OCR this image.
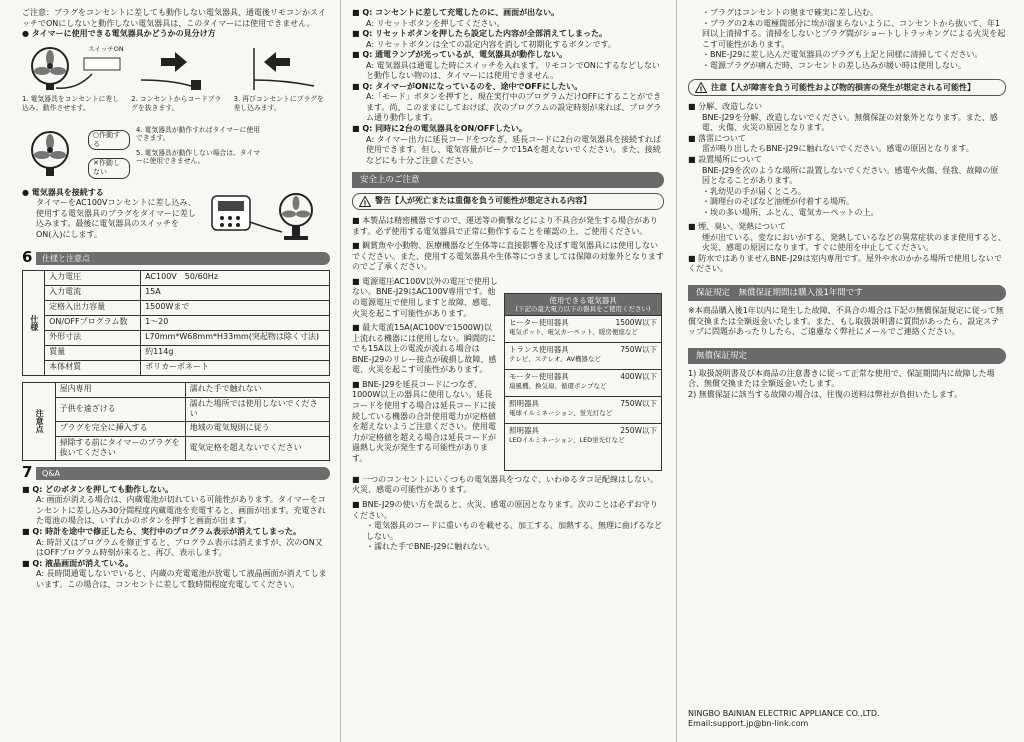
ご注意：プラグをコンセントに差しても動作しない電気器具、通電後リモコンかスイッチでONにしないと動作しない電気器具は、このタイマーには使用できません。

● タイマーに使用できる電気器具かどうかの見分け方

スイッチON

1. 電気器具をコンセントに差し込み、動作させます。

2. コンセントからコードプラグを抜きます。

3. 再びコンセントにプラグを差し込みます。

○作動する
✕作動しない

4. 電気器具が動作すればタイマーに使用できます。

5. 電気器具が動作しない場合は、タイマーに使用できません。

● 電気器具を接続する

タイマーをAC100Vコンセントに差し込み、使用する電気器具のプラグをタイマーに差し込みます。最後に電気器具のスイッチをON(入)にします。

6	仕様と注意点
仕様	入力電圧	AC100V　50/60Hz
	入力電流	15A
	定格入出力容量	1500Wまで
	ON/OFFプログラム数	1〜20
	外形寸法	L70mm*W68mm*H33mm(突起物は除く寸法)
	質量	約114g
	本体材質	ポリカーボネート
注意点	屋内専用	濡れた手で触れない
	子供を遠ざける	濡れた場所では使用しないでください
	プラグを完全に挿入する	地域の電気規則に従う
	掃除する前にタイマーのプラグを抜いてください	電気定格を超えないでください
7	Q&A

■ Q: どのボタンを押しても動作しない。

A: 画面が消える場合は、内蔵電池が切れている可能性があります。タイマーをコンセントに差し込み30分間程度内蔵電池を充電すると、画面が出ます。充電された電池の場合は、いずれかのボタンを押すと画面が出ます。

■ Q: 時計を途中で修正したら、実行中のプログラム表示が消えてしまった。

A: 時計又はプログラムを修正すると、プログラム表示は消えますが、次のON又はOFFプログラム時刻が来ると、再び、表示します。

■ Q: 液晶画面が消えている。

A: 長時間通電しないでいると、内蔵の充電電池が放電して液晶画面が消えてしまいます。この場合は、コンセントに差して数時間程度充電してください。

■ Q: コンセントに差して充電したのに、画面が出ない。

A: リセットボタンを押してください。

■ Q: リセットボタンを押したら設定した内容が全部消えてしまった。

A: リセットボタンは全ての設定内容を消して初期化するボタンです。

■ Q: 通電ランプが光っているが、電気器具が動作しない。

A: 電気器具は通電した時にスイッチを入れます。リモコンでONにするなどしないと動作しない物のは、タイマーには使用できません。

■ Q: タイマーがONになっているのを、途中でOFFにしたい。

A:「モード」ボタンを押すと、現在実行中のプログラムだけOFFにすることができます。尚、このままにしておけば、次のプログラムの設定時刻が来れば、プログラム通り動作します。

■ Q: 同時に2台の電気器具をON/OFFしたい。

A: タイマー出力に延長コードをつなぎ、延長コードに2台の電気器具を接続すれば使用できます。但し、電気容量がピークで15Aを超えないでください。また、接続などにも十分ご注意ください。

安全上のご注意
! 警告【人が死亡または重傷を負う可能性が想定される内容】

■ 本製品は精密機器ですので、運送等の衝撃などにより不具合が発生する場合があります。必ず使用する電気器具で正常に動作することを確認の上、ご使用ください。

■ 観賞魚や小動物、医療機器など生体等に直接影響を及ぼす電気器具には使用しないでください。また、使用する電気器具や生体等につきましては保障の対象外となりますのでご了承ください。

■ 電源電圧AC100V以外の電圧で使用しない。BNE-J29はAC100V専用です。他の電源電圧で使用しますと故障、感電、火災を起こす可能性があります。

■ 最大電流15A(AC100Vで1500W)以上流れる機器には使用しない。瞬間的にでも15A以上の電流が流れる場合はBNE-J29のリレー接点が破損し故障、感電、火災を起こす可能性があります。

■ BNE-J29を延長コードにつなぎ、1000W以上の器具に使用しない。延長コードを使用する場合は延長コードに接続している機器の合計使用電力が定格値を超えないようご注意ください。使用電力が定格値を超える場合は延長コードが過熱し火災が発生する可能性があります。

使用できる電気器具
(下記の最大電力以下の器具をご使用ください)
ヒーター使用器具	1500W以下
電気ポット、電気カーペット、暖房便座など
トランス使用器具	750W以下
テレビ、ステレオ、AV機器など
モーター使用器具	400W以下
扇風機、換気扇、循環ポンプなど
照明器具	750W以下
電球イルミネーション、蛍光灯など
照明器具	250W以下
LEDイルミネーション、LED蛍光灯など

■ 一つのコンセントにいくつもの電気器具をつなぐ、いわゆるタコ足配線はしない。火災、感電の可能性があります。

■ BNE-J29の使い方を誤ると、火災、感電の原因となります。次のことは必ずお守りください。

・電気器具のコードに重いものを載せる、加工する、加熱する、無理に曲げるなどしない。

・濡れた手でBNE-J29に触れない。

・プラグはコンセントの奥まで確実に差し込む。

・プラグの2本の電極間部分に埃が溜まらないように、コンセントから抜いて、年1回以上清掃する。清掃をしないとプラグ間がショートしトラッキングによる火災を起こす可能性があります。

・BNE-J29に差し込んだ電気器具のプラグも上記と同様に清掃してください。

・電源プラグが痛んだ時、コンセントの差し込みが緩い時は使用しない。

! 注意【人が障害を負う可能性および物的損害の発生が想定される可能性】

■ 分解、改造しない

BNE-J29を分解、改造しないでください。無償保証の対象外となります。また、感電、火傷、火災の原因となります。

■ 落雷について

雷が鳴り出したらBNE-J29に触れないでください。感電の原因となります。

■ 設置場所について

BNE-J29を次のような場所に設置しないでください。感電や火傷、怪我、故障の原因となることがあります。

・乳幼児の手が届くところ。

・調理台のそばなど油煙が付着する場所。

・埃の多い場所、ふとん、電気カーペットの上。

■ 煙、臭い、発熱について

煙が出ている、変なにおいがする、発熱しているなどの異常症状のまま使用すると、火災、感電の原因になります。すぐに使用を中止してください。

■ 防水ではありませんBNE-J29は室内専用です。屋外や水のかかる場所で使用しないでください。

保証規定　無償保証期間は購入後1年間です

※本商品購入後1年以内に発生した故障、不具合の場合は下記の無償保証規定に従って無償交換または全額返金いたします。また、もし取扱説明書に質問があったら、設定ステップに問題があったりしたら、ご遠慮なく弊社にメールでご連絡ください。

無償保証規定

1) 取扱説明書及び本商品の注意書きに従って正常な使用で、保証期間内に故障した場合、無償交換または全額返金いたします。

2) 無償保証に該当する故障の場合は、往復の送料は弊社が負担いたします。

NINGBO BAINIAN ELECTRIC APPLIANCE CO.,LTD.

Email:support.jp@bn-link.com
